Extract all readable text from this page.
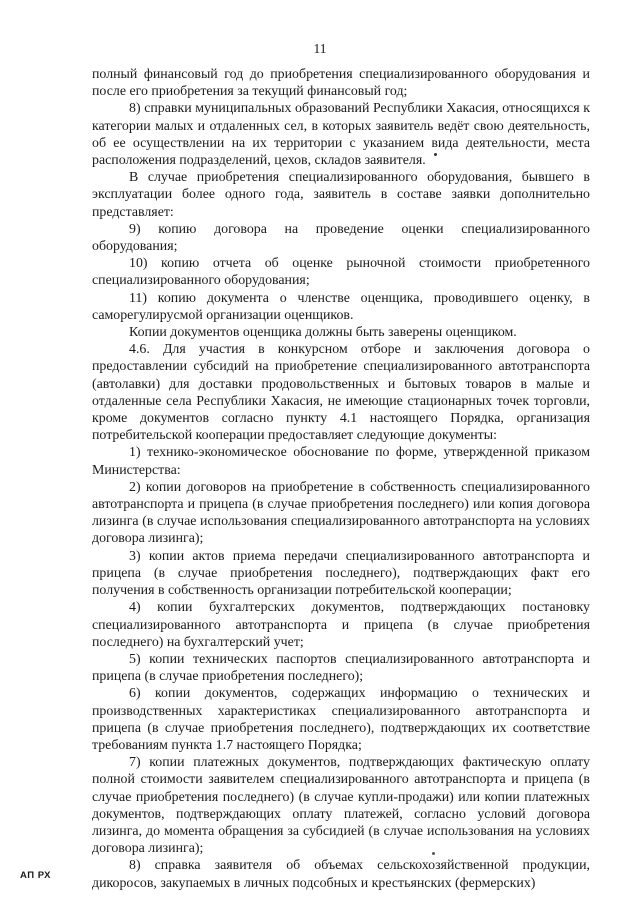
11

полный финансовый год до приобретения специализированного оборудования и после его приобретения за текущий финансовый год;

8) справки муниципальных образований Республики Хакасия, относящихся к категории малых и отдаленных сел, в которых заявитель ведёт свою деятельность, об ее осуществлении на их территории с указанием вида деятельности, места расположения подразделений, цехов, складов заявителя.

В случае приобретения специализированного оборудования, бывшего в эксплуатации более одного года, заявитель в составе заявки дополнительно представляет:

9) копию договора на проведение оценки специализированного оборудования;

10) копию отчета об оценке рыночной стоимости приобретенного специализированного оборудования;

11) копию документа о членстве оценщика, проводившего оценку, в саморегулирусмой организации оценщиков.

Копии документов оценщика должны быть заверены оценщиком.

4.6. Для участия в конкурсном отборе и заключения договора о предоставлении субсидий на приобретение специализированного автотранспорта (автолавки) для доставки продовольственных и бытовых товаров в малые и отдаленные села Республики Хакасия, не имеющие стационарных точек торговли, кроме документов согласно пункту 4.1 настоящего Порядка, организация потребительской кооперации предоставляет следующие документы:

1) технико-экономическое обоснование по форме, утвержденной приказом Министерства:

2) копии договоров на приобретение в собственность специализированного автотранспорта и прицепа (в случае приобретения последнего) или копия договора лизинга (в случае использования специализированного автотранспорта на условиях договора лизинга);

3) копии актов приема передачи специализированного автотранспорта и прицепа (в случае приобретения последнего), подтверждающих факт его получения в собственность организации потребительской кооперации;

4) копии бухгалтерских документов, подтверждающих постановку специализированного автотранспорта и прицепа (в случае приобретения последнего) на бухгалтерский учет;

5) копии технических паспортов специализированного автотранспорта и прицепа (в случае приобретения последнего);

6) копии документов, содержащих информацию о технических и производственных характеристиках специализированного автотранспорта и прицепа (в случае приобретения последнего), подтверждающих их соответствие требованиям пункта 1.7 настоящего Порядка;

7) копии платежных документов, подтверждающих фактическую оплату полной стоимости заявителем специализированного автотранспорта и прицепа (в случае приобретения последнего) (в случае купли-продажи) или копии платежных документов, подтверждающих оплату платежей, согласно условий договора лизинга, до момента обращения за субсидией (в случае использования на условиях договора лизинга);

8) справка заявителя об объемах сельскохозяйственной продукции, дикоросов, закупаемых в личных подсобных и крестьянских (фермерских)

АП РХ
